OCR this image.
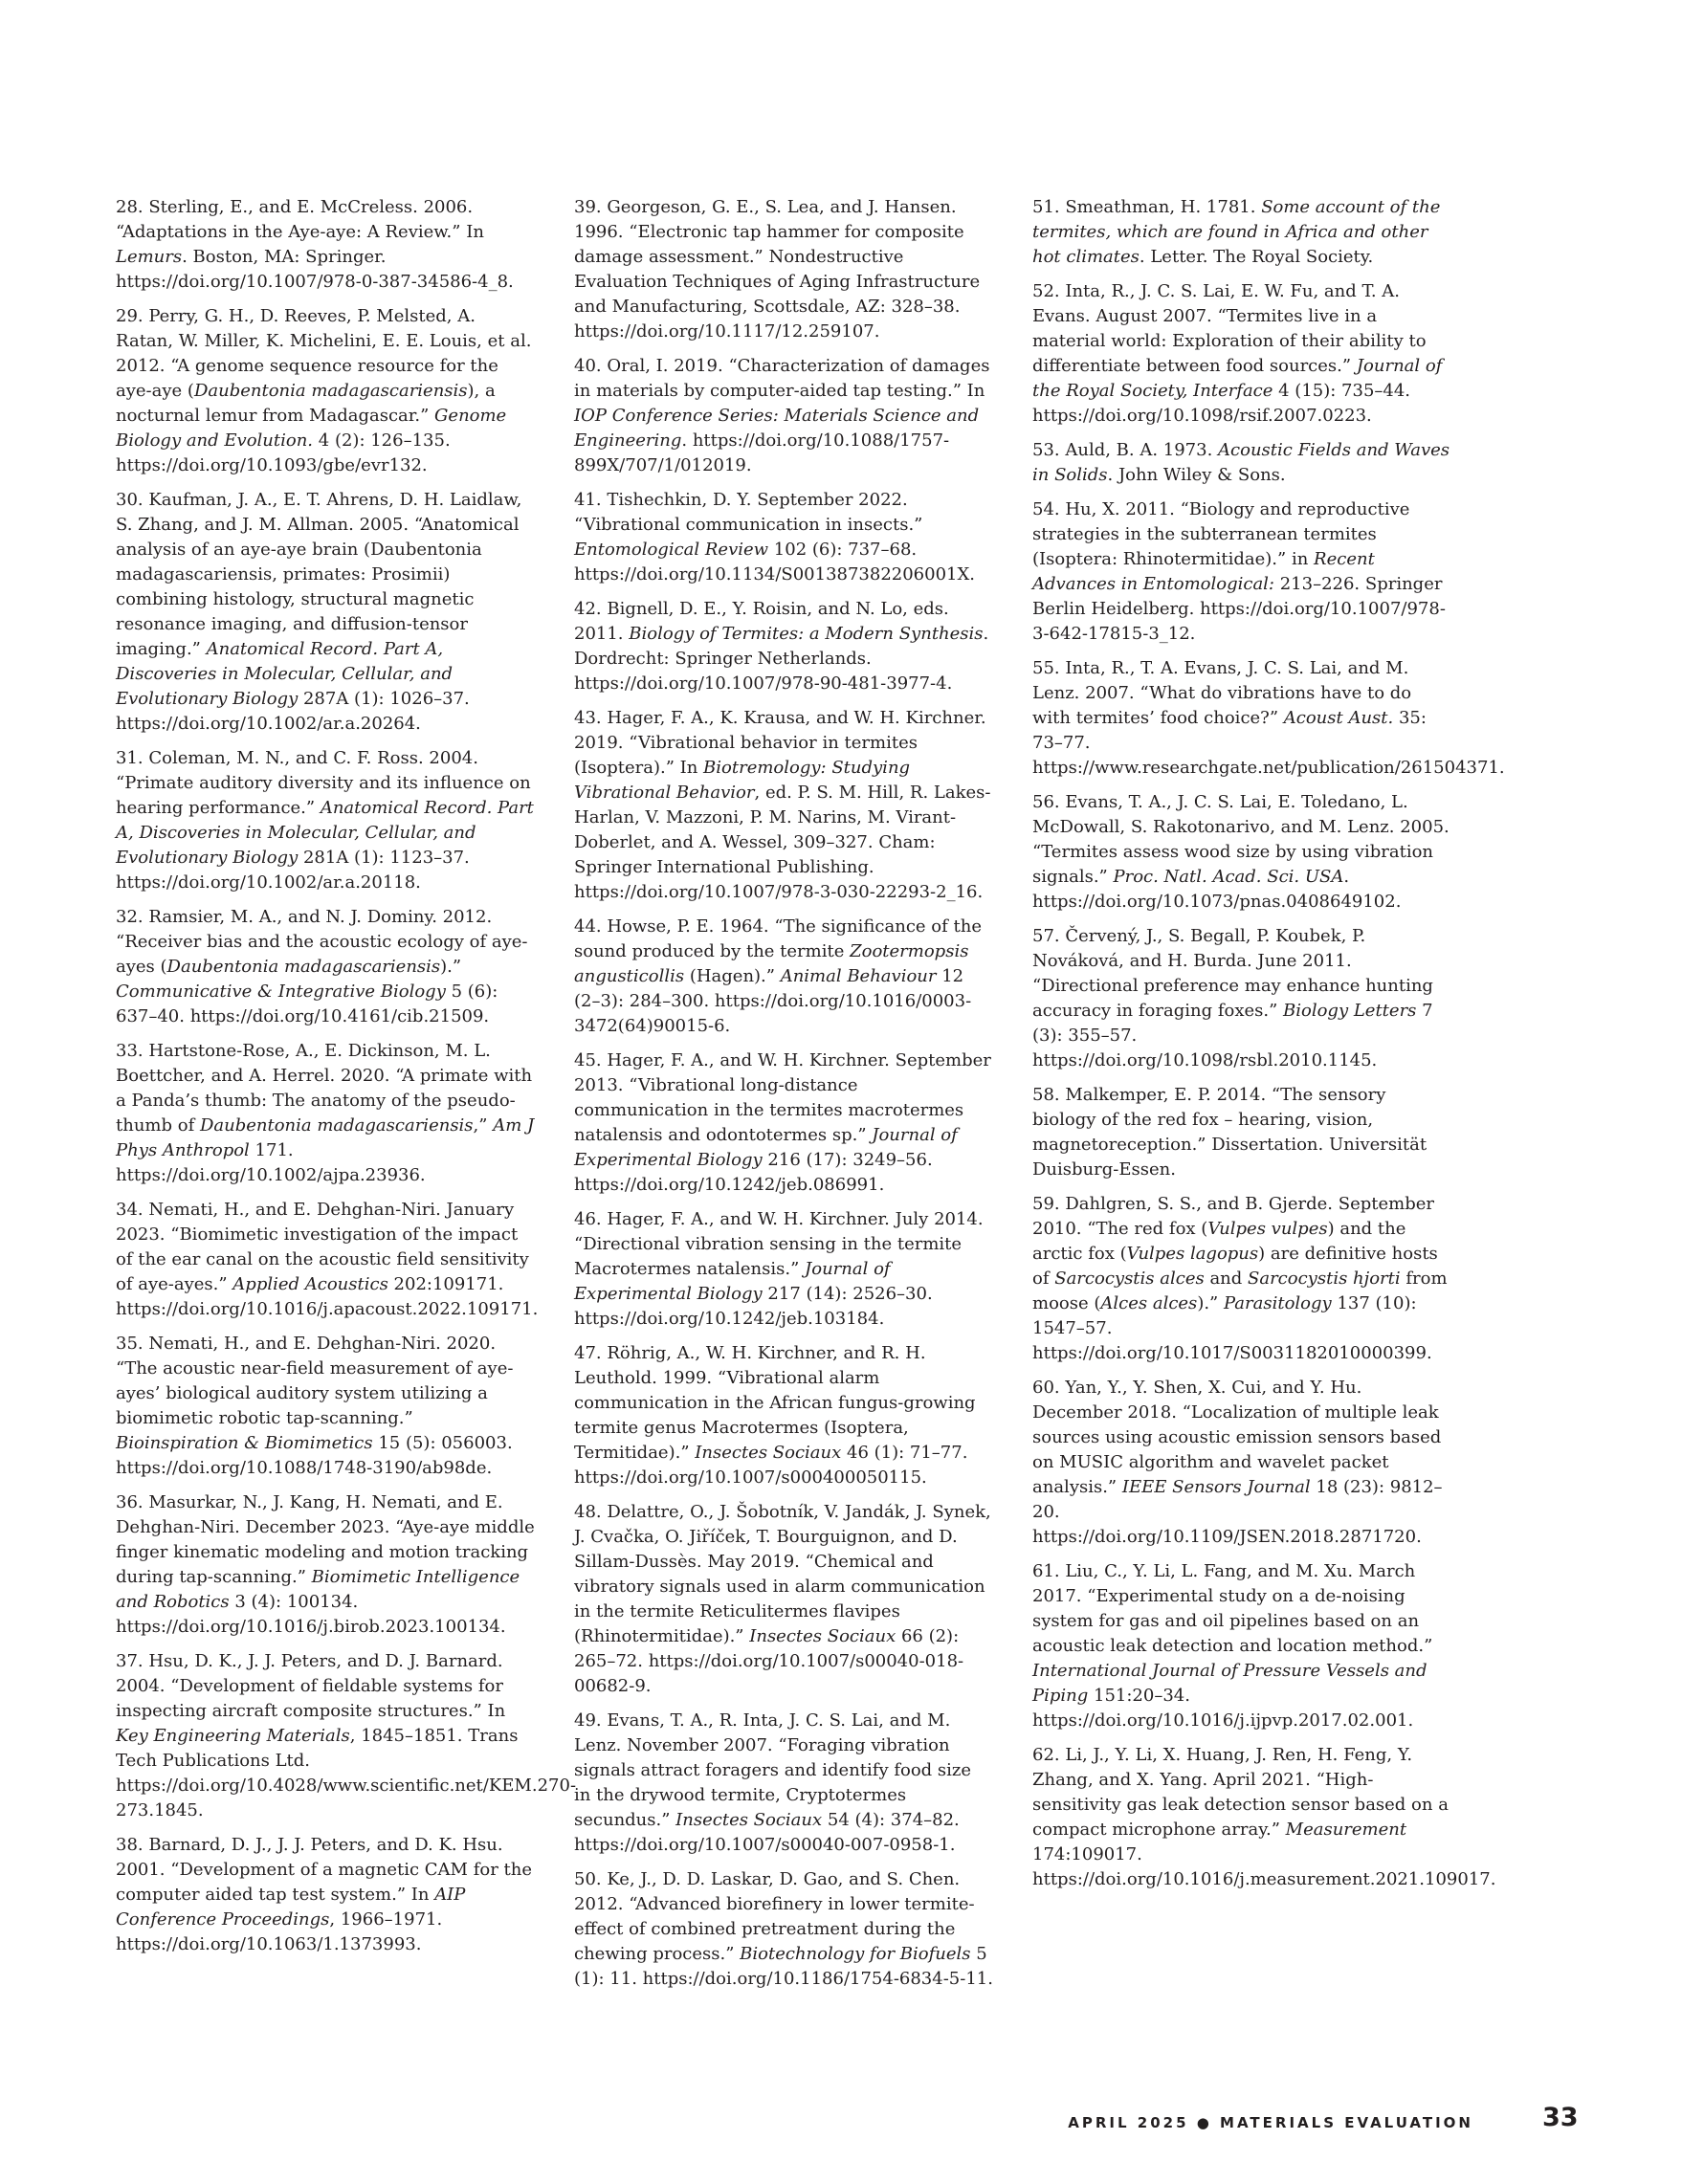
28. Sterling, E., and E. McCreless. 2006. “Adaptations in the Aye-aye: A Review.” In Lemurs. Boston, MA: Springer. https://doi.org/10.1007/978-0-387-34586-4_8.

29. Perry, G. H., D. Reeves, P. Melsted, A. Ratan, W. Miller, K. Michelini, E. E. Louis, et al. 2012. “A genome sequence resource for the aye-aye (Daubentonia madagascariensis), a nocturnal lemur from Madagascar.” Genome Biology and Evolution. 4 (2): 126–135. https://doi.org/10.1093/gbe/evr132.

30. Kaufman, J. A., E. T. Ahrens, D. H. Laidlaw, S. Zhang, and J. M. Allman. 2005. “Anatomical analysis of an aye-aye brain (Daubentonia madagascariensis, primates: Prosimii) combining histology, structural magnetic resonance imaging, and diffusion-tensor imaging.” Anatomical Record. Part A, Discoveries in Molecular, Cellular, and Evolutionary Biology 287A (1): 1026–37. https://doi.org/10.1002/ar.a.20264.

31. Coleman, M. N., and C. F. Ross. 2004. “Primate auditory diversity and its influence on hearing performance.” Anatomical Record. Part A, Discoveries in Molecular, Cellular, and Evolutionary Biology 281A (1): 1123–37. https://doi.org/10.1002/ar.a.20118.

32. Ramsier, M. A., and N. J. Dominy. 2012. “Receiver bias and the acoustic ecology of aye-ayes (Daubentonia madagascariensis).” Communicative & Integrative Biology 5 (6): 637–40. https://doi.org/10.4161/cib.21509.

33. Hartstone-Rose, A., E. Dickinson, M. L. Boettcher, and A. Herrel. 2020. “A primate with a Panda’s thumb: The anatomy of the pseudo-thumb of Daubentonia madagascariensis,” Am J Phys Anthropol 171. https://doi.org/10.1002/ajpa.23936.

34. Nemati, H., and E. Dehghan-Niri. January 2023. “Biomimetic investigation of the impact of the ear canal on the acoustic field sensitivity of aye-ayes.” Applied Acoustics 202:109171. https://doi.org/10.1016/j.apacoust.2022.109171.

35. Nemati, H., and E. Dehghan-Niri. 2020. “The acoustic near-field measurement of aye-ayes’ biological auditory system utilizing a biomimetic robotic tap-scanning.” Bioinspiration & Biomimetics 15 (5): 056003. https://doi.org/10.1088/1748-3190/ab98de.

36. Masurkar, N., J. Kang, H. Nemati, and E. Dehghan-Niri. December 2023. “Aye-aye middle finger kinematic modeling and motion tracking during tap-scanning.” Biomimetic Intelligence and Robotics 3 (4): 100134. https://doi.org/10.1016/j.birob.2023.100134.

37. Hsu, D. K., J. J. Peters, and D. J. Barnard. 2004. “Development of fieldable systems for inspecting aircraft composite structures.” In Key Engineering Materials, 1845–1851. Trans Tech Publications Ltd. https://doi.org/10.4028/www.scientific.net/KEM.270-273.1845.

38. Barnard, D. J., J. J. Peters, and D. K. Hsu. 2001. “Development of a magnetic CAM for the computer aided tap test system.” In AIP Conference Proceedings, 1966–1971. https://doi.org/10.1063/1.1373993.

39. Georgeson, G. E., S. Lea, and J. Hansen. 1996. “Electronic tap hammer for composite damage assessment.” Nondestructive Evaluation Techniques of Aging Infrastructure and Manufacturing, Scottsdale, AZ: 328–38. https://doi.org/10.1117/12.259107.

40. Oral, I. 2019. “Characterization of damages in materials by computer-aided tap testing.” In IOP Conference Series: Materials Science and Engineering. https://doi.org/10.1088/1757-899X/707/1/012019.

41. Tishechkin, D. Y. September 2022. “Vibrational communication in insects.” Entomological Review 102 (6): 737–68. https://doi.org/10.1134/S001387382206001X.

42. Bignell, D. E., Y. Roisin, and N. Lo, eds. 2011. Biology of Termites: a Modern Synthesis. Dordrecht: Springer Netherlands. https://doi.org/10.1007/978-90-481-3977-4.

43. Hager, F. A., K. Krausa, and W. H. Kirchner. 2019. “Vibrational behavior in termites (Isoptera).” In Biotremology: Studying Vibrational Behavior, ed. P. S. M. Hill, R. Lakes-Harlan, V. Mazzoni, P. M. Narins, M. Virant-Doberlet, and A. Wessel, 309–327. Cham: Springer International Publishing. https://doi.org/10.1007/978-3-030-22293-2_16.

44. Howse, P. E. 1964. “The significance of the sound produced by the termite Zootermopsis angusticollis (Hagen).” Animal Behaviour 12 (2–3): 284–300. https://doi.org/10.1016/0003-3472(64)90015-6.

45. Hager, F. A., and W. H. Kirchner. September 2013. “Vibrational long-distance communication in the termites macrotermes natalensis and odontotermes sp.” Journal of Experimental Biology 216 (17): 3249–56. https://doi.org/10.1242/jeb.086991.

46. Hager, F. A., and W. H. Kirchner. July 2014. “Directional vibration sensing in the termite Macrotermes natalensis.” Journal of Experimental Biology 217 (14): 2526–30. https://doi.org/10.1242/jeb.103184.

47. Röhrig, A., W. H. Kirchner, and R. H. Leuthold. 1999. “Vibrational alarm communication in the African fungus-growing termite genus Macrotermes (Isoptera, Termitidae).” Insectes Sociaux 46 (1): 71–77. https://doi.org/10.1007/s000400050115.

48. Delattre, O., J. Šobotník, V. Jandák, J. Synek, J. Cvačka, O. Jiříček, T. Bourguignon, and D. Sillam-Dussès. May 2019. “Chemical and vibratory signals used in alarm communication in the termite Reticulitermes flavipes (Rhinotermitidae).” Insectes Sociaux 66 (2): 265–72. https://doi.org/10.1007/s00040-018-00682-9.

49. Evans, T. A., R. Inta, J. C. S. Lai, and M. Lenz. November 2007. “Foraging vibration signals attract foragers and identify food size in the drywood termite, Cryptotermes secundus.” Insectes Sociaux 54 (4): 374–82. https://doi.org/10.1007/s00040-007-0958-1.

50. Ke, J., D. D. Laskar, D. Gao, and S. Chen. 2012. “Advanced biorefinery in lower termite-effect of combined pretreatment during the chewing process.” Biotechnology for Biofuels 5 (1): 11. https://doi.org/10.1186/1754-6834-5-11.

51. Smeathman, H. 1781. Some account of the termites, which are found in Africa and other hot climates. Letter. The Royal Society.

52. Inta, R., J. C. S. Lai, E. W. Fu, and T. A. Evans. August 2007. “Termites live in a material world: Exploration of their ability to differentiate between food sources.” Journal of the Royal Society, Interface 4 (15): 735–44. https://doi.org/10.1098/rsif.2007.0223.

53. Auld, B. A. 1973. Acoustic Fields and Waves in Solids. John Wiley & Sons.

54. Hu, X. 2011. “Biology and reproductive strategies in the subterranean termites (Isoptera: Rhinotermitidae).” in Recent Advances in Entomological: 213–226. Springer Berlin Heidelberg. https://doi.org/10.1007/978-3-642-17815-3_12.

55. Inta, R., T. A. Evans, J. C. S. Lai, and M. Lenz. 2007. “What do vibrations have to do with termites’ food choice?” Acoust Aust. 35: 73–77. https://www.researchgate.net/publication/261504371.

56. Evans, T. A., J. C. S. Lai, E. Toledano, L. McDowall, S. Rakotonarivo, and M. Lenz. 2005. “Termites assess wood size by using vibration signals.” Proc. Natl. Acad. Sci. USA. https://doi.org/10.1073/pnas.0408649102.

57. Červený, J., S. Begall, P. Koubek, P. Nováková, and H. Burda. June 2011. “Directional preference may enhance hunting accuracy in foraging foxes.” Biology Letters 7 (3): 355–57. https://doi.org/10.1098/rsbl.2010.1145.

58. Malkemper, E. P. 2014. “The sensory biology of the red fox – hearing, vision, magnetoreception.” Dissertation. Universität Duisburg-Essen.

59. Dahlgren, S. S., and B. Gjerde. September 2010. “The red fox (Vulpes vulpes) and the arctic fox (Vulpes lagopus) are definitive hosts of Sarcocystis alces and Sarcocystis hjorti from moose (Alces alces).” Parasitology 137 (10): 1547–57. https://doi.org/10.1017/S0031182010000399.

60. Yan, Y., Y. Shen, X. Cui, and Y. Hu. December 2018. “Localization of multiple leak sources using acoustic emission sensors based on MUSIC algorithm and wavelet packet analysis.” IEEE Sensors Journal 18 (23): 9812–20. https://doi.org/10.1109/JSEN.2018.2871720.

61. Liu, C., Y. Li, L. Fang, and M. Xu. March 2017. “Experimental study on a de-noising system for gas and oil pipelines based on an acoustic leak detection and location method.” International Journal of Pressure Vessels and Piping 151:20–34. https://doi.org/10.1016/j.ijpvp.2017.02.001.

62. Li, J., Y. Li, X. Huang, J. Ren, H. Feng, Y. Zhang, and X. Yang. April 2021. “High-sensitivity gas leak detection sensor based on a compact microphone array.” Measurement 174:109017. https://doi.org/10.1016/j.measurement.2021.109017.

APRIL 2025 ● MATERIALS EVALUATION	33
